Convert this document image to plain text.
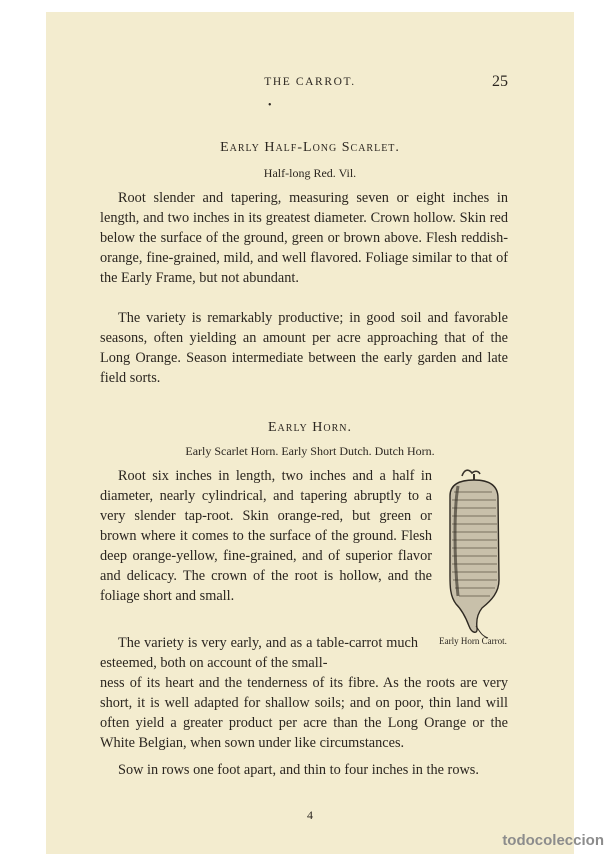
THE CARROT.	25
•
Early Half-Long Scarlet.
Half-long Red. Vil.
Root slender and tapering, measuring seven or eight inches in length, and two inches in its greatest diameter. Crown hollow. Skin red below the surface of the ground, green or brown above. Flesh reddish-orange, fine-grained, mild, and well flavored. Foliage similar to that of the Early Frame, but not abundant.
The variety is remarkably productive; in good soil and favorable seasons, often yielding an amount per acre approaching that of the Long Orange. Season intermediate between the early garden and late field sorts.
Early Horn.
Early Scarlet Horn. Early Short Dutch. Dutch Horn.
Root six inches in length, two inches and a half in diameter, nearly cylindrical, and tapering abruptly to a very slender tap-root. Skin orange-red, but green or brown where it comes to the surface of the ground. Flesh deep orange-yellow, fine-grained, and of superior flavor and delicacy. The crown of the root is hollow, and the foliage short and small.
The variety is very early, and as a table-carrot much esteemed, both on account of the small-
ness of its heart and the tenderness of its fibre. As the roots are very short, it is well adapted for shallow soils; and on poor, thin land will often yield a greater product per acre than the Long Orange or the White Belgian, when sown under like circumstances.
Sow in rows one foot apart, and thin to four inches in the rows.
Early Horn Carrot.
4
todocoleccion
